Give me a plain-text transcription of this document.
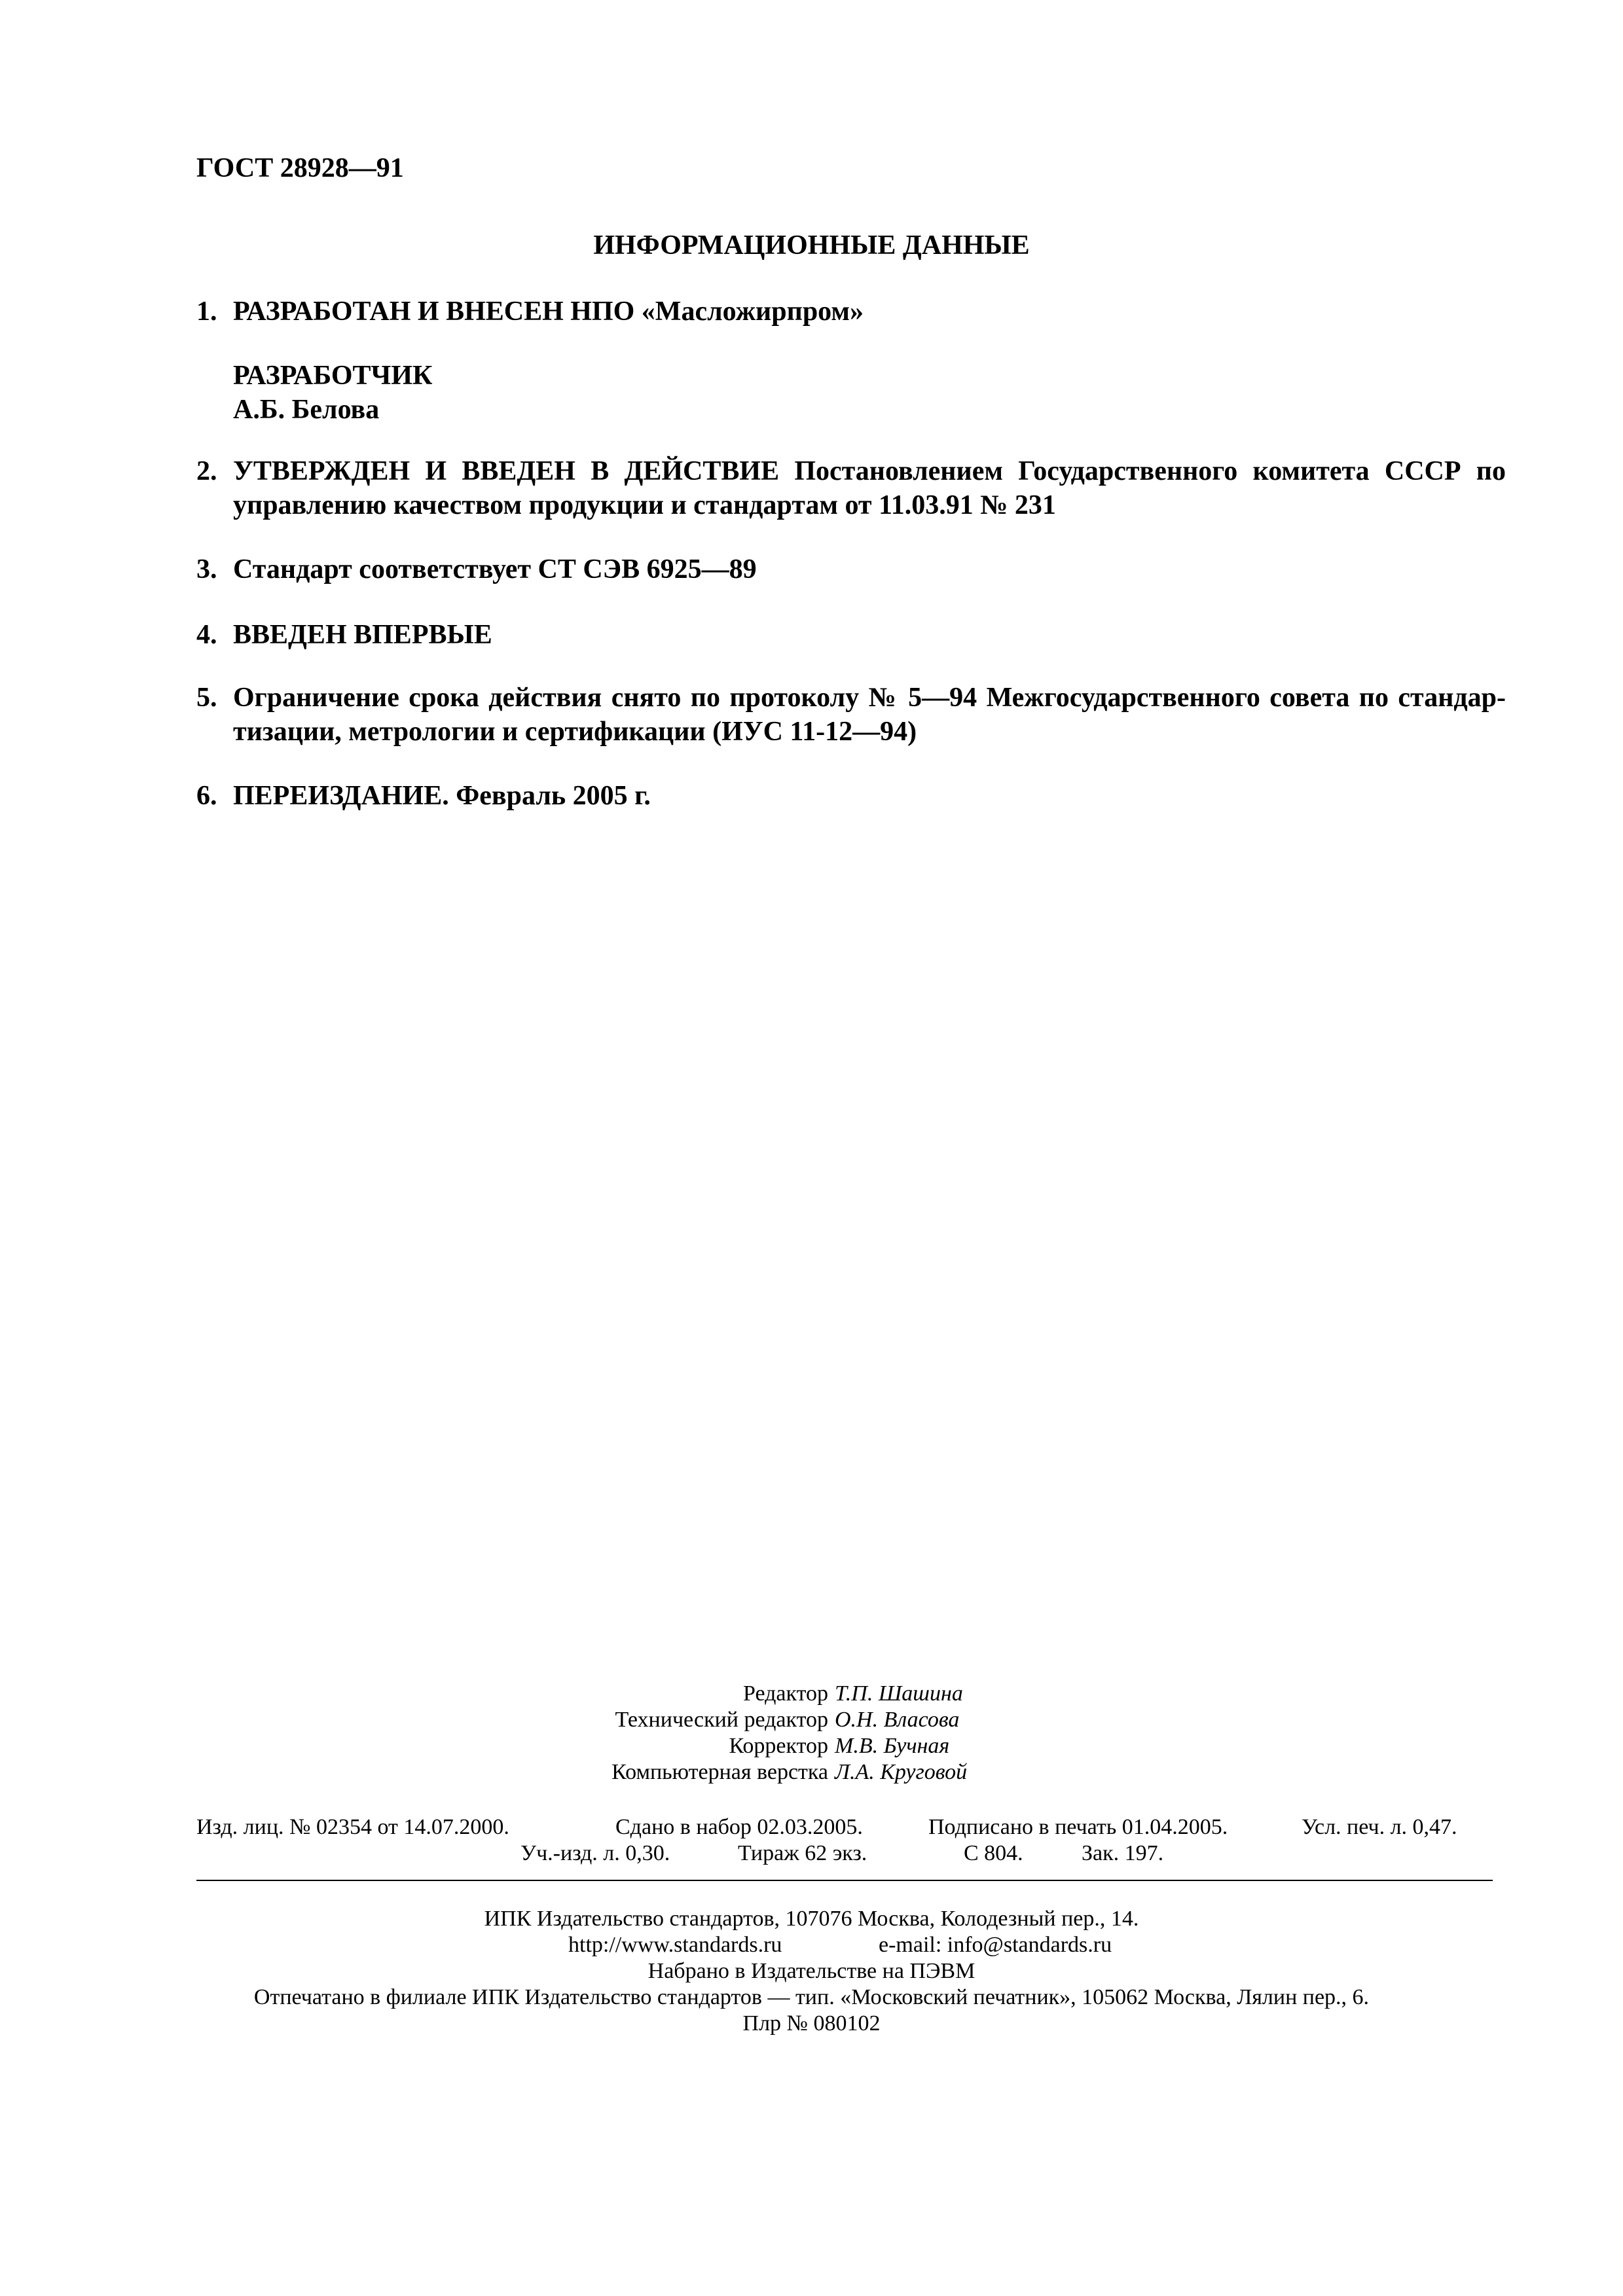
ГОСТ 28928—91
ИНФОРМАЦИОННЫЕ ДАННЫЕ
1. РАЗРАБОТАН И ВНЕСЕН НПО «Масложирпром»
РАЗРАБОТЧИК
А.Б. Белова
2. УТВЕРЖДЕН И ВВЕДЕН В ДЕЙСТВИЕ Постановлением Государственного комитета СССР по
управлению качеством продукции и стандартам от 11.03.91 № 231
3. Стандарт соответствует СТ СЭВ 6925—89
4. ВВЕДЕН ВПЕРВЫЕ
5. Ограничение срока действия снято по протоколу № 5—94 Межгосударственного совета по стандар-
тизации, метрологии и сертификации (ИУС 11-12—94)
6. ПЕРЕИЗДАНИЕ. Февраль 2005 г.
Редактор Т.П. Шашина
Технический редактор О.Н. Власова
Корректор М.В. Бучная
Компьютерная верстка Л.А. Круговой
Изд. лиц. № 02354 от 14.07.2000.	Сдано в набор 02.03.2005.	Подписано в печать 01.04.2005.	Усл. печ. л. 0,47.
Уч.-изд. л. 0,30.	Тираж 62 экз.	С 804.	Зак. 197.
ИПК Издательство стандартов, 107076 Москва, Колодезный пер., 14.
http://www.standards.ru	e-mail: info@standards.ru
Набрано в Издательстве на ПЭВМ
Отпечатано в филиале ИПК Издательство стандартов — тип. «Московский печатник», 105062 Москва, Лялин пер., 6.
Плр № 080102
